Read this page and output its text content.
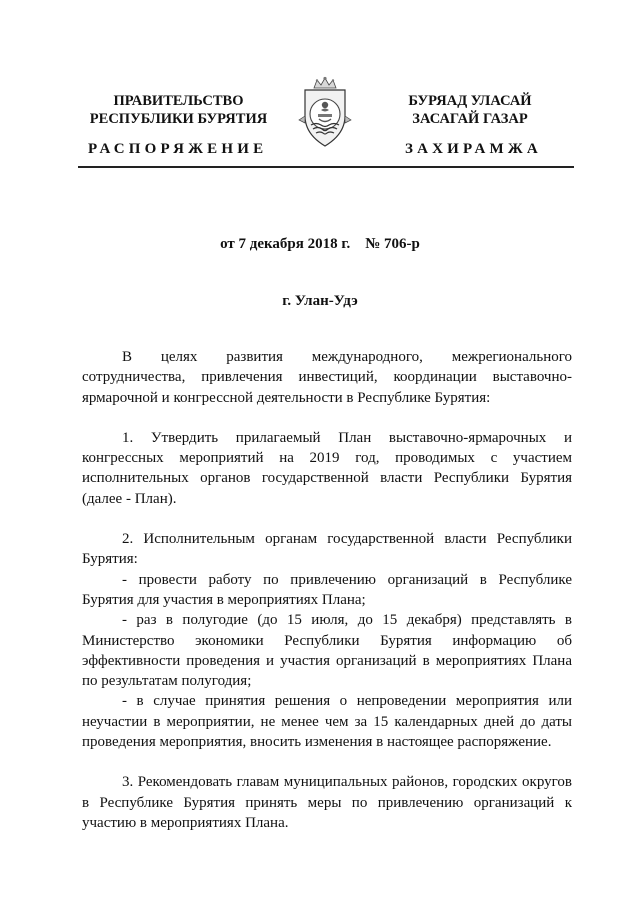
ПРАВИТЕЛЬСТВО
РЕСПУБЛИКИ БУРЯТИЯ
РАСПОРЯЖЕНИЕ
БУРЯАД УЛАСАЙ
ЗАСАГАЙ ГАЗАР
ЗАХИРАМЖА
от 7 декабря 2018 г.    № 706-р
г. Улан-Удэ

В целях развития международного, межрегионального сотрудничества, привлечения инвестиций, координации выставочно-ярмарочной и конгрессной деятельности в Республике Бурятия:

1. Утвердить прилагаемый План выставочно-ярмарочных и конгрессных мероприятий на 2019 год, проводимых с участием исполнительных органов государственной власти Республики Бурятия (далее - План).

2. Исполнительным органам государственной власти Республики Бурятия:

- провести работу по привлечению организаций в Республике Бурятия для участия в мероприятиях Плана;

- раз в полугодие (до 15 июля, до 15 декабря) представлять в Министерство экономики Республики Бурятия информацию об эффективности проведения и участия организаций в мероприятиях Плана по результатам полугодия;

- в случае принятия решения о непроведении мероприятия или неучастии в мероприятии, не менее чем за 15 календарных дней до даты проведения мероприятия, вносить изменения в настоящее распоряжение.

3. Рекомендовать главам муниципальных районов, городских округов в Республике Бурятия принять меры по привлечению организаций к участию в мероприятиях Плана.
